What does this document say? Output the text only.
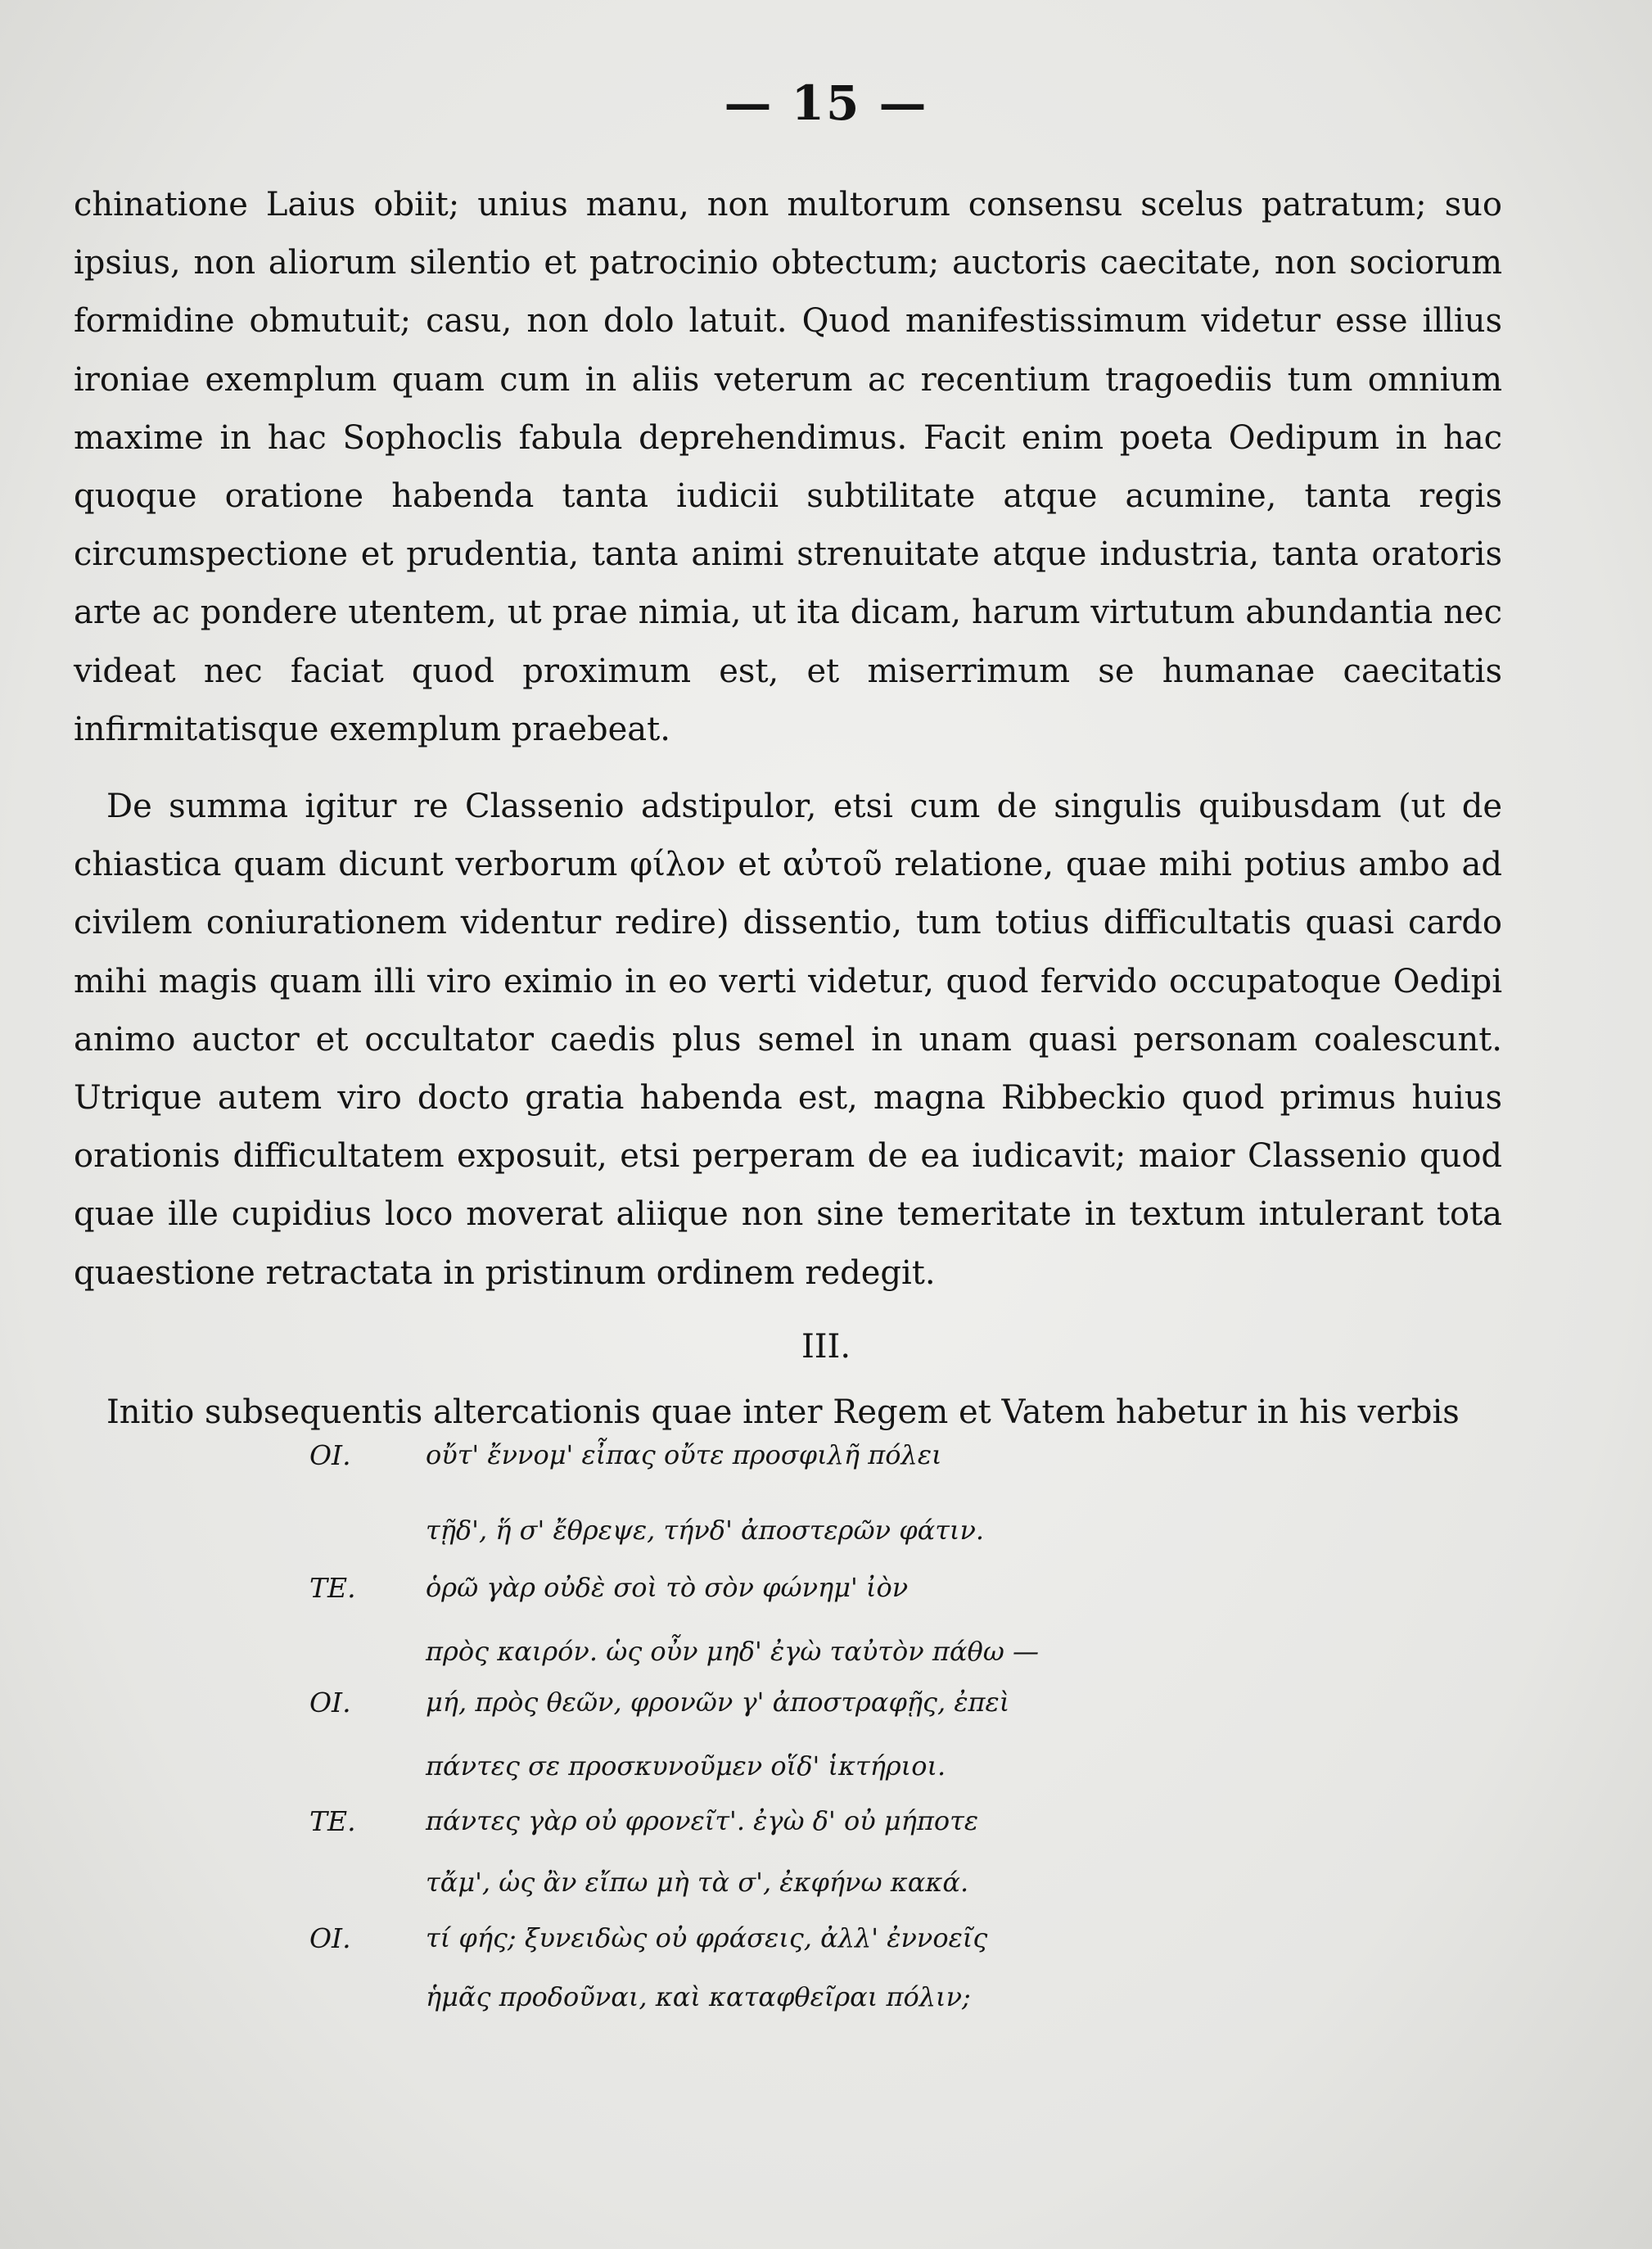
— 15 —
chinatione Laius obiit; unius manu, non multorum consensu scelus patratum; suo ipsius, non aliorum silentio et patrocinio obtectum; auctoris caecitate, non sociorum formidine obmutuit; casu, non dolo latuit. Quod manifestissimum videtur esse illius ironiae exemplum quam cum in aliis veterum ac recentium tragoediis tum omnium maxime in hac Sophoclis fabula deprehendimus. Facit enim poeta Oedipum in hac quoque oratione habenda tanta iudicii subtilitate atque acumine, tanta regis circumspectione et prudentia, tanta animi strenuitate atque industria, tanta oratoris arte ac pondere utentem, ut prae nimia, ut ita dicam, harum virtutum abundantia nec videat nec faciat quod proximum est, et miserrimum se humanae caecitatis infirmitatisque exemplum praebeat.
De summa igitur re Classenio adstipulor, etsi cum de singulis quibusdam (ut de chiastica quam dicunt verborum φίλον et αὐτοῦ relatione, quae mihi potius ambo ad civilem coniurationem videntur redire) dissentio, tum totius difficultatis quasi cardo mihi magis quam illi viro eximio in eo verti videtur, quod fervido occupatoque Oedipi animo auctor et occultator caedis plus semel in unam quasi personam coalescunt. Utrique autem viro docto gratia habenda est, magna Ribbeckio quod primus huius orationis difficultatem exposuit, etsi perperam de ea iudicavit; maior Classenio quod quae ille cupidius loco moverat aliique non sine temeritate in textum intulerant tota quaestione retractata in pristinum ordinem redegit.
III.
Initio subsequentis altercationis quae inter Regem et Vatem habetur in his verbis
OI.	οὔτ' ἔννομ' εἶπας οὔτε προσφιλῆ πόλει
τῇδ', ἥ σ' ἔθρεψε, τήνδ' ἀποστερῶν φάτιν.
TE.	ὁρῶ γὰρ οὐδὲ σοὶ τὸ σὸν φώνημ' ἰὸν
πρὸς καιρόν. ὡς οὖν μηδ' ἐγὼ ταὐτὸν πάθω —
OI.	μή, πρὸς θεῶν, φρονῶν γ' ἀποστραφῇς, ἐπεὶ
πάντες σε προσκυνοῦμεν οἵδ' ἱκτήριοι.
TE.	πάντες γὰρ οὐ φρονεῖτ'. ἐγὼ δ' οὐ μήποτε
τἄμ', ὡς ἂν εἴπω μὴ τὰ σ', ἐκφήνω κακά.
OI.	τί φής; ξυνειδὼς οὐ φράσεις, ἀλλ' ἐννοεῖς
ἡμᾶς προδοῦναι, καὶ καταφθεῖραι πόλιν;
